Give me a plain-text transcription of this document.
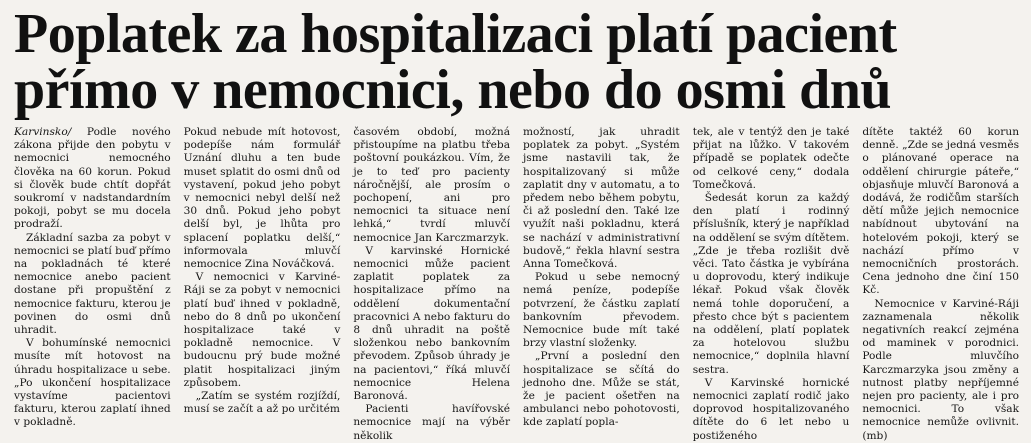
Poplatek za hospitalizaci platí pacient
přímo v nemocnici, nebo do osmi dnů

Karvinsko/ Podle nového zákona přijde den pobytu v nemocnici nemocného člověka na 60 korun. Pokud si člověk bude chtít dopřát soukromí v nadstandardním pokoji, pobyt se mu docela prodraží.

Základní sazba za pobyt v nemocnici se platí buď přímo na pokladnách té které nemocnice anebo pacient dostane při propuštění z nemocnice fakturu, kterou je povinen do osmi dnů uhradit.

V bohumínské nemocnici musíte mít hotovost na úhradu hospitalizace u sebe. „Po ukončení hospitalizace vystavíme pacientovi fakturu, kterou zaplatí ihned v pokladně.

Pokud nebude mít hotovost, podepíše nám formulář Uznání dluhu a ten bude muset splatit do osmi dnů od vystavení, pokud jeho pobyt v nemocnici nebyl delší než 30 dnů. Pokud jeho pobyt delší byl, je lhůta pro splacení poplatku delší,“ informovala mluvčí nemocnice Zina Nováčková.

V nemocnici v Karviné-Ráji se za pobyt v nemocnici platí buď ihned v pokladně, nebo do 8 dnů po ukončení hospitalizace také v pokladně nemocnice. V budoucnu prý bude možné platit hospitalizaci jiným způsobem.

„Zatím se systém rozjíždí, musí se začít a až po určitém

časovém období, možná přistoupíme na platbu třeba poštovní poukázkou. Vím, že je to teď pro pacienty náročnější, ale prosím o pochopení, ani pro nemocnici ta situace není lehká,“ tvrdí mluvčí nemocnice Jan Karczmarzyk.

V karvinské Hornické nemocnici může pacient zaplatit poplatek za hospitalizace přímo na oddělení dokumentační pracovnici A nebo fakturu do 8 dnů uhradit na poště složenkou nebo bankovním převodem. Způsob úhrady je na pacientovi,“ říká mluvčí nemocnice Helena Baronová.

Pacienti havířovské nemocnice mají na výběr několik

možností, jak uhradit poplatek za pobyt. „Systém jsme nastavili tak, že hospitalizovaný si může zaplatit dny v automatu, a to předem nebo během pobytu, či až poslední den. Také lze využít naši pokladnu, která se nachází v administrativní budově,“ řekla hlavní sestra Anna Tomečková.

Pokud u sebe nemocný nemá peníze, podepíše potvrzení, že částku zaplatí bankovním převodem. Nemocnice bude mít také brzy vlastní složenky.

„První a poslední den hospitalizace se sčítá do jednoho dne. Může se stát, že je pacient ošetřen na ambulanci nebo pohotovosti, kde zaplatí popla-

tek, ale v tentýž den je také přijat na lůžko. V takovém případě se poplatek odečte od celkové ceny,“ dodala Tomečková.

Šedesát korun za každý den platí i rodinný příslušník, který je například na oddělení se svým dítětem. „Zde je třeba rozlišit dvě věci. Tato částka je vybírána u doprovodu, který indikuje lékař. Pokud však člověk nemá tohle doporučení, a přesto chce být s pacientem na oddělení, platí poplatek za hotelovou službu nemocnice,“ doplnila hlavní sestra.

V Karvinské hornické nemocnici zaplatí rodič jako doprovod hospitalizovaného dítěte do 6 let nebo u postiženého

dítěte taktéž 60 korun denně. „Zde se jedná vesměs o plánované operace na oddělení chirurgie páteře,“ objasňuje mluvčí Baronová a dodává, že rodičům starších dětí může jejich nemocnice nabídnout ubytování na hotelovém pokoji, který se nachází přímo v nemocničních prostorách. Cena jednoho dne činí 150 Kč.

Nemocnice v Karviné-Ráji zaznamenala několik negativních reakcí zejména od maminek v porodnici. Podle mluvčího Karczmarzyka jsou změny a nutnost platby nepříjemné nejen pro pacienty, ale i pro nemocnici. To však nemocnice nemůže ovlivnit. (mb)
